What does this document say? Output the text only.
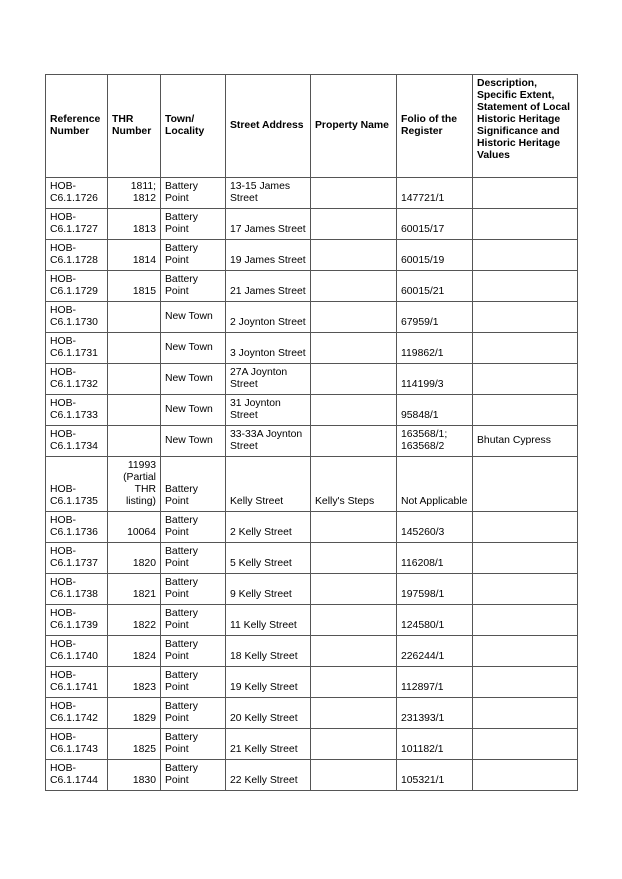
Reference Number	THR Number	Town/ Locality	Street Address	Property Name	Folio of the Register	Description, Specific Extent, Statement of Local Historic Heritage Significance and Historic Heritage Values
HOB-C6.1.1726	1811; 1812	Battery Point	13-15 James Street		147721/1	
HOB-C6.1.1727	1813	Battery Point	17 James Street		60015/17	
HOB-C6.1.1728	1814	Battery Point	19 James Street		60015/19	
HOB-C6.1.1729	1815	Battery Point	21 James Street		60015/21	
HOB-C6.1.1730		New Town	2 Joynton Street		67959/1	
HOB-C6.1.1731		New Town	3 Joynton Street		119862/1	
HOB-C6.1.1732		New Town	27A Joynton Street		114199/3	
HOB-C6.1.1733		New Town	31 Joynton Street		95848/1	
HOB-C6.1.1734		New Town	33-33A Joynton Street		163568/1; 163568/2	Bhutan Cypress
HOB-C6.1.1735	11993 (Partial THR listing)	Battery Point	Kelly Street	Kelly's Steps	Not Applicable	
HOB-C6.1.1736	10064	Battery Point	2 Kelly Street		145260/3	
HOB-C6.1.1737	1820	Battery Point	5 Kelly Street		116208/1	
HOB-C6.1.1738	1821	Battery Point	9 Kelly Street		197598/1	
HOB-C6.1.1739	1822	Battery Point	11 Kelly Street		124580/1	
HOB-C6.1.1740	1824	Battery Point	18 Kelly Street		226244/1	
HOB-C6.1.1741	1823	Battery Point	19 Kelly Street		112897/1	
HOB-C6.1.1742	1829	Battery Point	20 Kelly Street		231393/1	
HOB-C6.1.1743	1825	Battery Point	21 Kelly Street		101182/1	
HOB-C6.1.1744	1830	Battery Point	22 Kelly Street		105321/1	
